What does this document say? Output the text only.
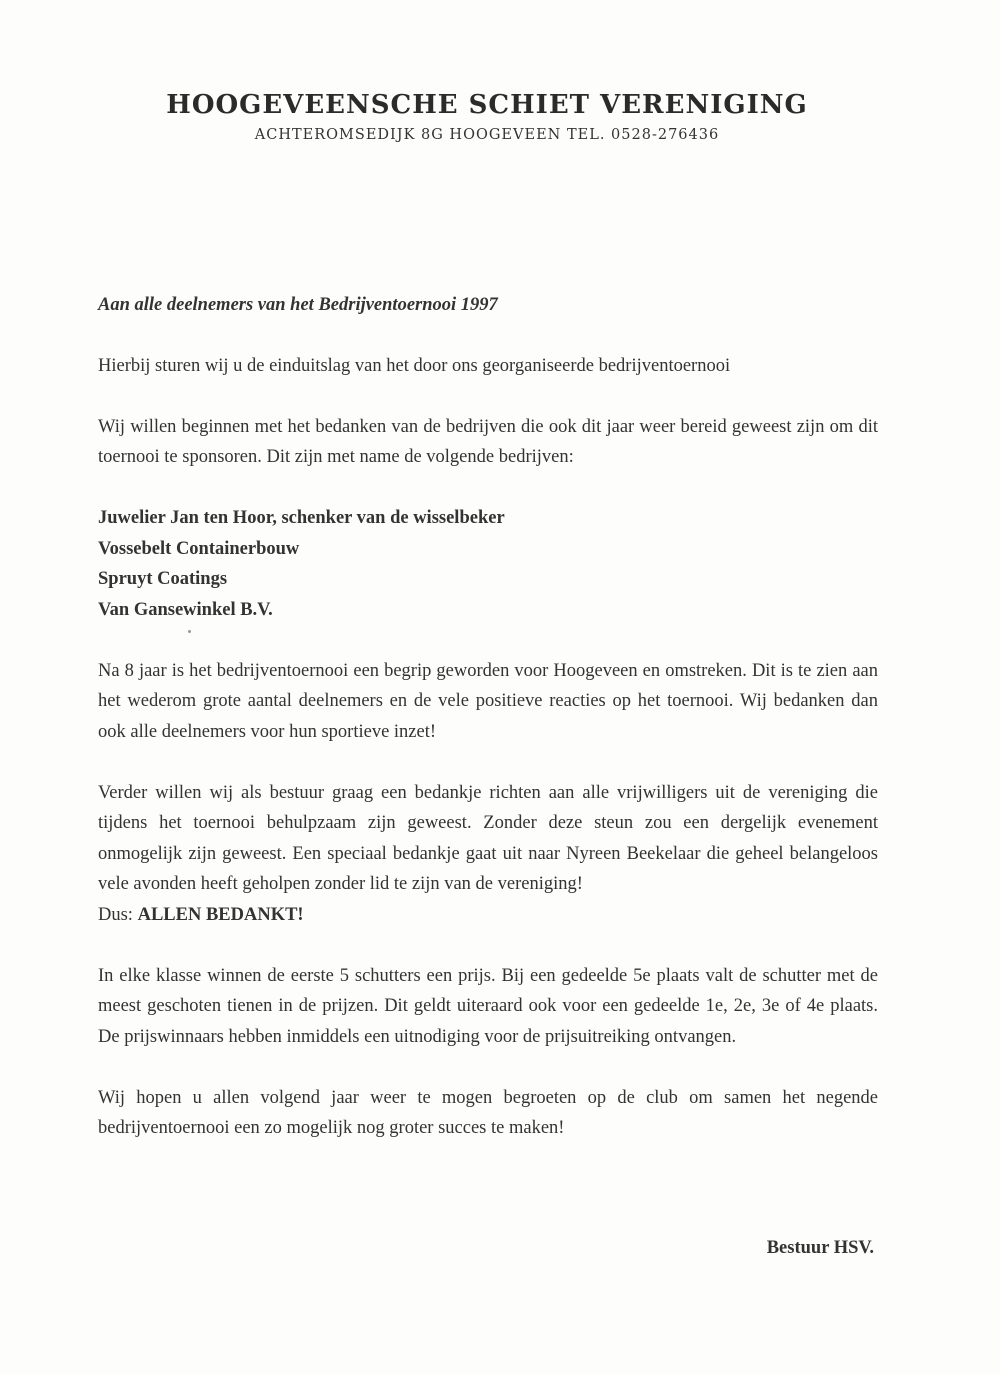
HOOGEVEENSCHE SCHIET VERENIGING
ACHTEROMSEDIJK 8G HOOGEVEEN TEL. 0528-276436
Aan alle deelnemers van het Bedrijventoernooi 1997

Hierbij sturen wij u de einduitslag van het door ons georganiseerde bedrijventoernooi

Wij willen beginnen met het bedanken van de bedrijven die ook dit jaar weer bereid geweest zijn om dit toernooi te sponsoren. Dit zijn met name de volgende bedrijven:

Juwelier Jan ten Hoor, schenker van de wisselbeker
Vossebelt Containerbouw
Spruyt Coatings
Van Gansewinkel B.V.

Na 8 jaar is het bedrijventoernooi een begrip geworden voor Hoogeveen en omstreken. Dit is te zien aan het wederom grote aantal deelnemers en de vele positieve reacties op het toernooi. Wij bedanken dan ook alle deelnemers voor hun sportieve inzet!

Verder willen wij als bestuur graag een bedankje richten aan alle vrijwilligers uit de vereniging die tijdens het toernooi behulpzaam zijn geweest. Zonder deze steun zou een dergelijk evenement onmogelijk zijn geweest. Een speciaal bedankje gaat uit naar Nyreen Beekelaar die geheel belangeloos vele avonden heeft geholpen zonder lid te zijn van de vereniging!

Dus: ALLEN BEDANKT!

In elke klasse winnen de eerste 5 schutters een prijs. Bij een gedeelde 5e plaats valt de schutter met de meest geschoten tienen in de prijzen. Dit geldt uiteraard ook voor een gedeelde 1e, 2e, 3e of 4e plaats. De prijswinnaars hebben inmiddels een uitnodiging voor de prijsuitreiking ontvangen.

Wij hopen u allen volgend jaar weer te mogen begroeten op de club om samen het negende bedrijventoernooi een zo mogelijk nog groter succes te maken!

Bestuur HSV.
